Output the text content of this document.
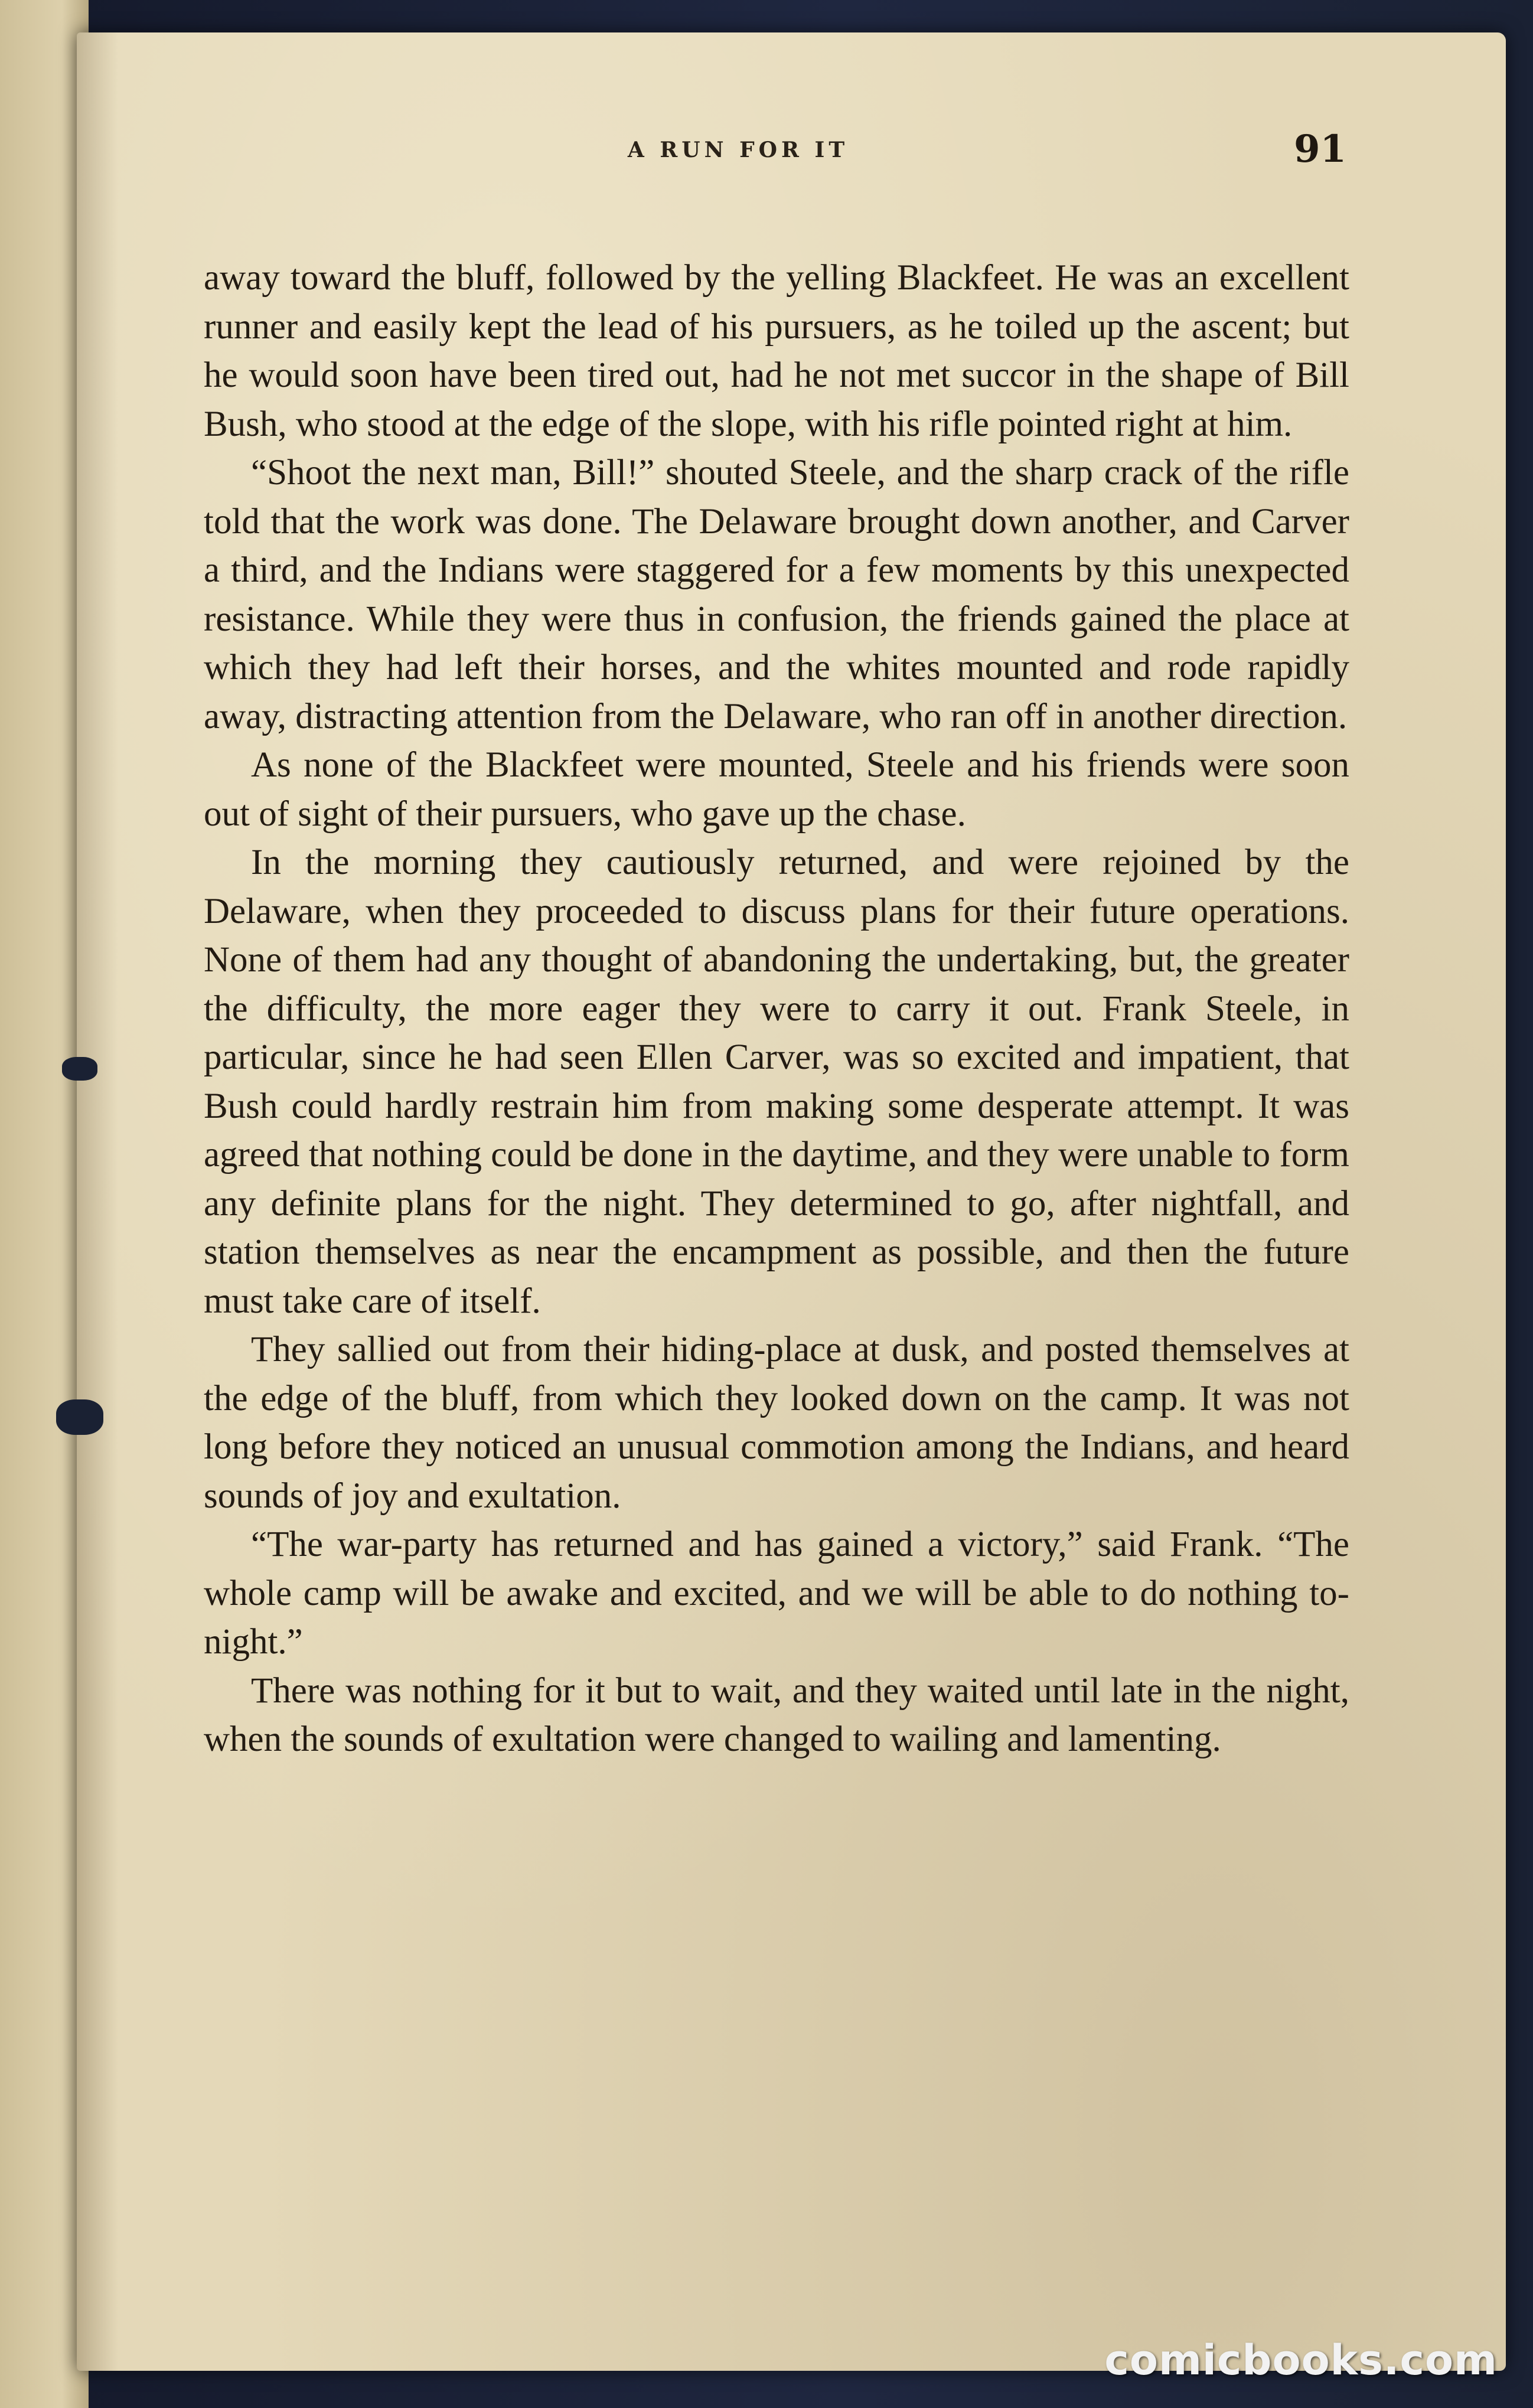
A RUN FOR IT	91

away toward the bluff, followed by the yelling Blackfeet. He was an excellent runner and easily kept the lead of his pursuers, as he toiled up the ascent; but he would soon have been tired out, had he not met succor in the shape of Bill Bush, who stood at the edge of the slope, with his rifle pointed right at him.

“Shoot the next man, Bill!” shouted Steele, and the sharp crack of the rifle told that the work was done. The Delaware brought down another, and Carver a third, and the Indians were staggered for a few moments by this unexpected resistance. While they were thus in confusion, the friends gained the place at which they had left their horses, and the whites mounted and rode rapidly away, distracting attention from the Delaware, who ran off in another direction.

As none of the Blackfeet were mounted, Steele and his friends were soon out of sight of their pursuers, who gave up the chase.

In the morning they cautiously returned, and were rejoined by the Delaware, when they proceeded to discuss plans for their future operations. None of them had any thought of abandoning the undertaking, but, the greater the difficulty, the more eager they were to carry it out. Frank Steele, in particular, since he had seen Ellen Carver, was so excited and impatient, that Bush could hardly restrain him from making some desperate attempt. It was agreed that nothing could be done in the daytime, and they were unable to form any definite plans for the night. They determined to go, after nightfall, and station themselves as near the encampment as possible, and then the future must take care of itself.

They sallied out from their hiding-place at dusk, and posted themselves at the edge of the bluff, from which they looked down on the camp. It was not long before they noticed an unusual commotion among the Indians, and heard sounds of joy and exultation.

“The war-party has returned and has gained a victory,” said Frank. “The whole camp will be awake and excited, and we will be able to do nothing to-night.”

There was nothing for it but to wait, and they waited until late in the night, when the sounds of exultation were changed to wailing and lamenting.

comicbooks.com
